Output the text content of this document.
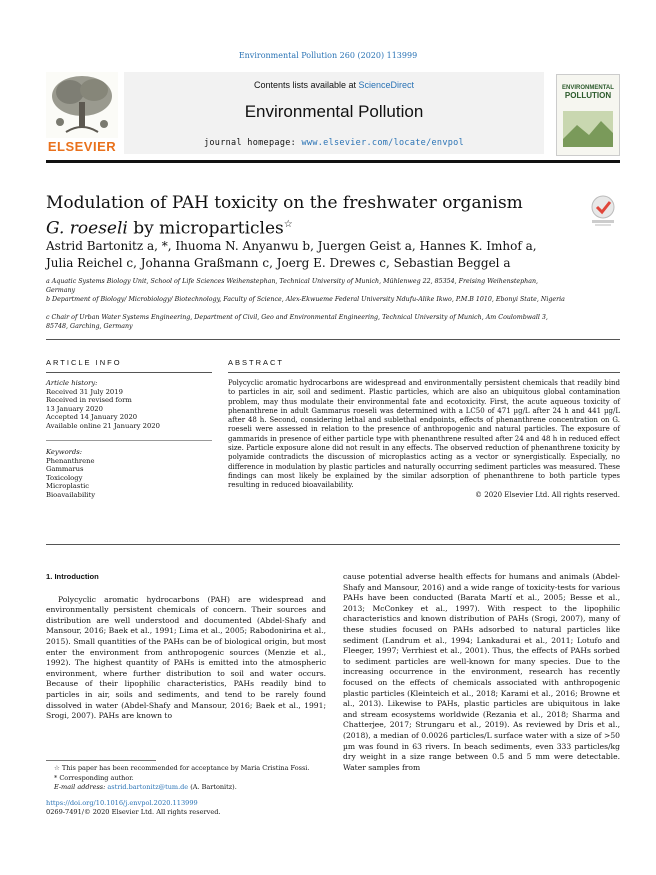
Environmental Pollution 260 (2020) 113999
ELSEVIER
Contents lists available at ScienceDirect
Environmental Pollution
journal homepage: www.elsevier.com/locate/envpol
ENVIRONMENTAL
POLLUTION
Modulation of PAH toxicity on the freshwater organism G. roeseli by microparticles☆
Astrid Bartonitz a, *, Ihuoma N. Anyanwu b, Juergen Geist a, Hannes K. Imhof a,
Julia Reichel c, Johanna Graßmann c, Joerg E. Drewes c, Sebastian Beggel a
a Aquatic Systems Biology Unit, School of Life Sciences Weihenstephan, Technical University of Munich, Mühlenweg 22, 85354, Freising Weihenstephan, Germany
b Department of Biology/ Microbiology/ Biotechnology, Faculty of Science, Alex-Ekwueme Federal University Ndufu-Alike Ikwo, P.M.B 1010, Ebonyi State, Nigeria
c Chair of Urban Water Systems Engineering, Department of Civil, Geo and Environmental Engineering, Technical University of Munich, Am Coulombwall 3, 85748, Garching, Germany
ARTICLE INFO	ABSTRACT
Article history:
Received 31 July 2019
Received in revised form
13 January 2020
Accepted 14 January 2020
Available online 21 January 2020
Keywords:
Phenanthrene
Gammarus
Toxicology
Microplastic
Bioavailability
Polycyclic aromatic hydrocarbons are widespread and environmentally persistent chemicals that readily bind to particles in air, soil and sediment. Plastic particles, which are also an ubiquitous global contamination problem, may thus modulate their environmental fate and ecotoxicity. First, the acute aqueous toxicity of phenanthrene in adult Gammarus roeseli was determined with a LC50 of 471 µg/L after 24 h and 441 µg/L after 48 h. Second, considering lethal and sublethal endpoints, effects of phenanthrene concentration on G. roeseli were assessed in relation to the presence of anthropogenic and natural particles. The exposure of gammarids in presence of either particle type with phenanthrene resulted after 24 and 48 h in reduced effect size. Particle exposure alone did not result in any effects. The observed reduction of phenanthrene toxicity by polyamide contradicts the discussion of microplastics acting as a vector or synergistically. Especially, no difference in modulation by plastic particles and naturally occurring sediment particles was measured. These findings can most likely be explained by the similar adsorption of phenanthrene to both particle types resulting in reduced bioavailability.
© 2020 Elsevier Ltd. All rights reserved.
1. Introduction

Polycyclic aromatic hydrocarbons (PAH) are widespread and environmentally persistent chemicals of concern. Their sources and distribution are well understood and documented (Abdel-Shafy and Mansour, 2016; Baek et al., 1991; Lima et al., 2005; Rabodonirina et al., 2015). Small quantities of the PAHs can be of biological origin, but most enter the environment from anthropogenic sources (Menzie et al., 1992). The highest quantity of PAHs is emitted into the atmospheric environment, where further distribution to soil and water occurs. Because of their lipophilic characteristics, PAHs readily bind to particles in air, soils and sediments, and tend to be rarely found dissolved in water (Abdel-Shafy and Mansour, 2016; Baek et al., 1991; Srogi, 2007). PAHs are known to

cause potential adverse health effects for humans and animals (Abdel-Shafy and Mansour, 2016) and a wide range of toxicity-tests for various PAHs have been conducted (Barata Martí et al., 2005; Besse et al., 2013; McConkey et al., 1997). With respect to the lipophilic characteristics and known distribution of PAHs (Srogi, 2007), many of these studies focused on PAHs adsorbed to natural particles like sediment (Landrum et al., 1994; Lankadurai et al., 2011; Lotufo and Fleeger, 1997; Verrhiest et al., 2001). Thus, the effects of PAHs sorbed to sediment particles are well-known for many species. Due to the increasing occurrence in the environment, research has recently focused on the effects of chemicals associated with anthropogenic plastic particles (Kleinteich et al., 2018; Karami et al., 2016; Browne et al., 2013). Likewise to PAHs, plastic particles are ubiquitous in lake and stream ecosystems worldwide (Rezania et al., 2018; Sharma and Chatterjee, 2017; Strungaru et al., 2019). As reviewed by Dris et al., (2018), a median of 0.0026 particles/L surface water with a size of >50 µm was found in 63 rivers. In beach sediments, even 333 particles/kg dry weight in a size range between 0.5 and 5 mm were detectable. Water samples from

☆ This paper has been recommended for acceptance by Maria Cristina Fossi.
* Corresponding author.
E-mail address: astrid.bartonitz@tum.de (A. Bartonitz).
https://doi.org/10.1016/j.envpol.2020.113999
0269-7491/© 2020 Elsevier Ltd. All rights reserved.
